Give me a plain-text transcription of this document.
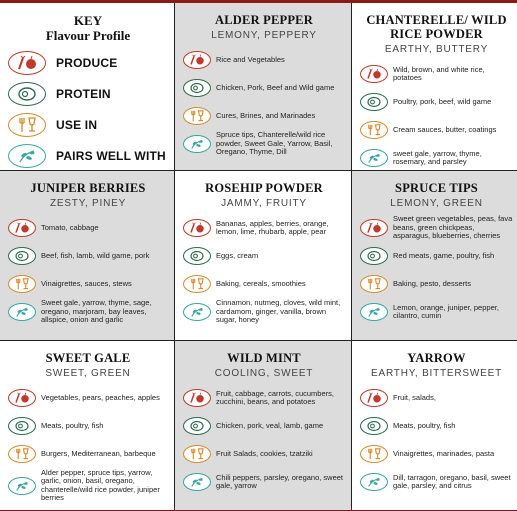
KEY
Flavour Profile
PRODUCE
PROTEIN
USE IN
PAIRS WELL WITH
ALDER PEPPER
LEMONY, PEPPERY
Rice and Vegetables
Chicken, Pork, Beef and Wild game
Cures, Brines, and Marinades
Spruce tips, Chanterelle/wild rice powder, Sweet Gale, Yarrow, Basil, Oregano, Thyme, Dill
CHANTERELLE/ WILD RICE POWDER
EARTHY, BUTTERY
Wild, brown, and white rice, potatoes
Poultry, pork, beef, wild game
Cream sauces, butter, coatings
sweet gale, yarrow, thyme, rosemary, and parsley
JUNIPER BERRIES
ZESTY, PINEY
Tomato, cabbage
Beef, fish, lamb, wild game, pork
Vinaigrettes, sauces, stews
Sweet gale, yarrow, thyme, sage, oregano, marjoram, bay leaves, allspice, onion and garlic
ROSEHIP POWDER
JAMMY, FRUITY
Bananas, apples, berries, orange, lemon, lime, rhubarb, apple, pear
Eggs, cream
Baking, cereals, smoothies
Cinnamon, nutmeg, cloves, wild mint, cardamom, ginger, vanilla, brown sugar, honey
SPRUCE TIPS
LEMONY, GREEN
Sweet green vegetables, peas, fava beans, green chickpeas, asparagus, blueberries, cherries
Red meats, game, poultry, fish
Baking, pesto, desserts
Lemon, orange, juniper, pepper, cilantro, cumin
SWEET GALE
SWEET, GREEN
Vegetables, pears, peaches, apples
Meats, poultry, fish
Burgers, Mediterranean, barbeque
Alder pepper, spruce tips, yarrow, garlic, onion, basil, oregano, chanterelle/wild rice powder, juniper berries
WILD MINT
COOLING, SWEET
Fruit, cabbage, carrots, cucumbers, zucchini, beans, and potatoes
Chicken, pork, veal, lamb, game
Fruit Salads, cookies, tzatziki
Chili peppers, parsley, oregano, sweet gale, yarrow
YARROW
EARTHY, BITTERSWEET
Fruit, salads,
Meats, poultry, fish
Vinaigrettes, marinades, pasta
Dill, tarragon, oregano, basil, sweet gale, parsley, and citrus
